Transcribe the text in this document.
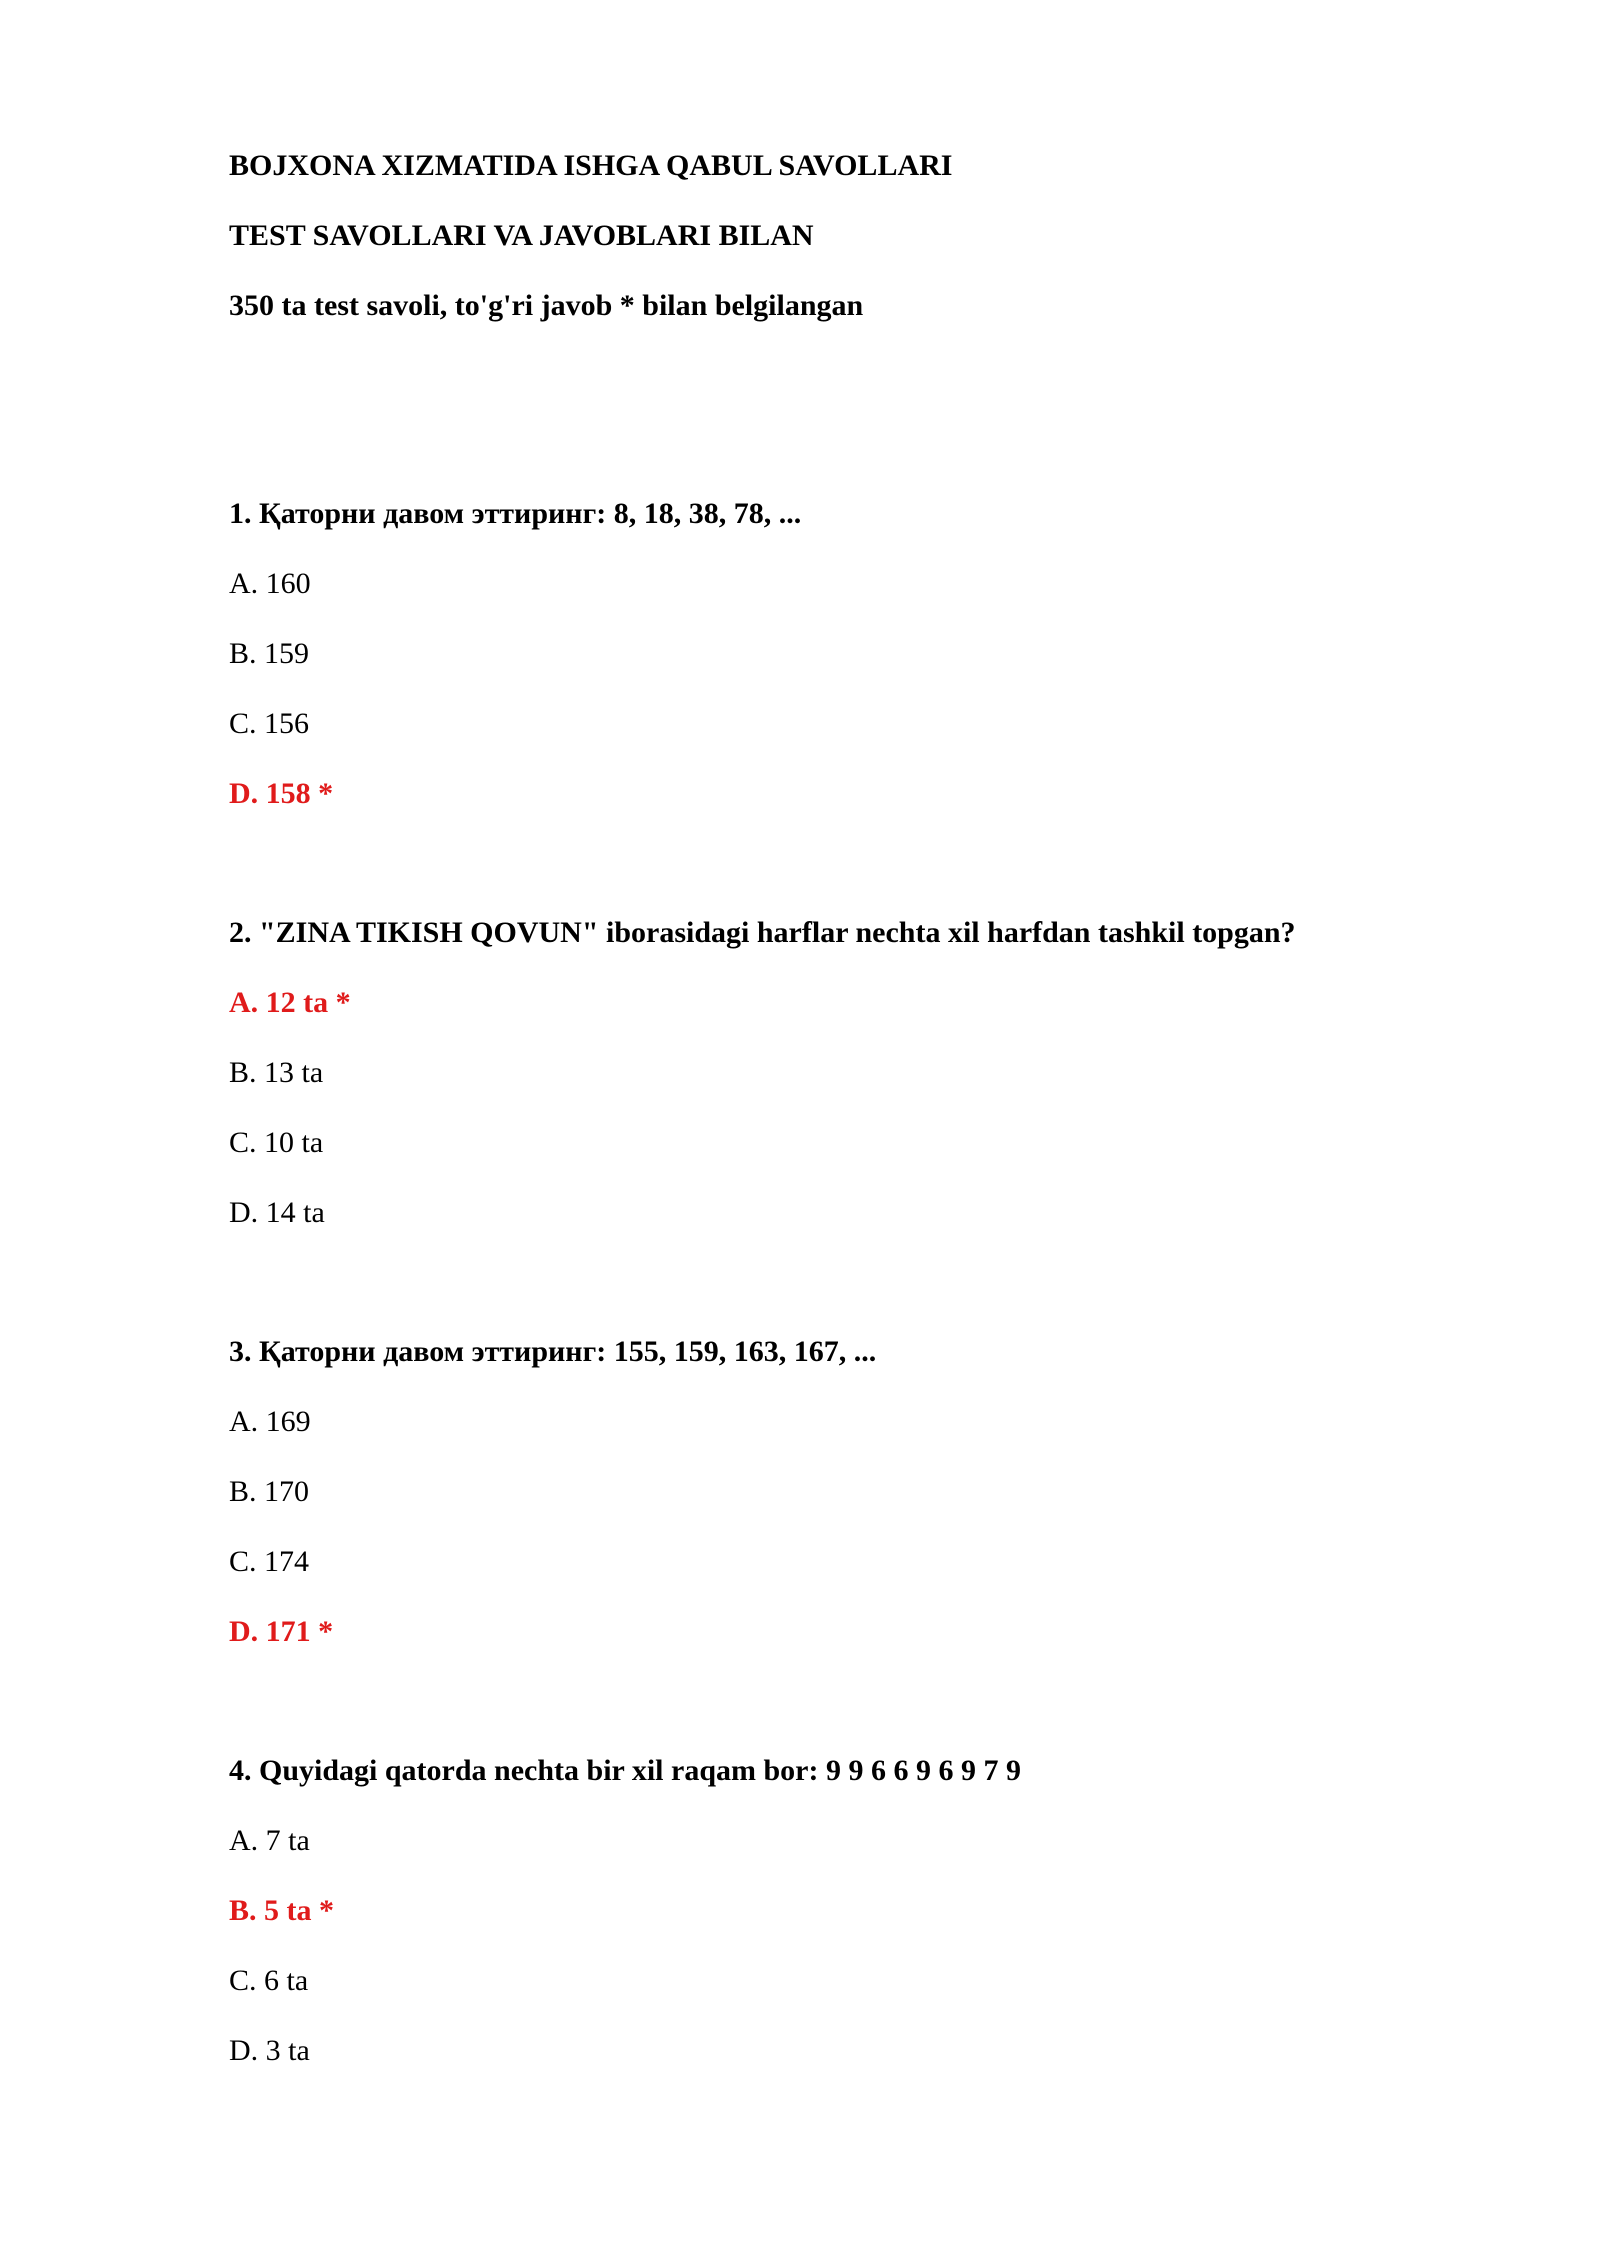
BOJXONA XIZMATIDA ISHGA QABUL SAVOLLARI
TEST SAVOLLARI VA JAVOBLARI BILAN
350 ta test savoli, to'g'ri javob * bilan belgilangan
1. Қаторни давом эттиринг: 8, 18, 38, 78, ...
A. 160
B. 159
C. 156
D. 158 *
2. "ZINA TIKISH QOVUN" iborasidagi harflar nechta xil harfdan tashkil topgan?
A. 12 ta *
B. 13 ta
C. 10 ta
D. 14 ta
3. Қаторни давом эттиринг: 155, 159, 163, 167, ...
A. 169
B. 170
C. 174
D. 171 *
4. Quyidagi qatorda nechta bir xil raqam bor: 9 9 6 6 9 6 9 7 9
A. 7 ta
B. 5 ta *
C. 6 ta
D. 3 ta
